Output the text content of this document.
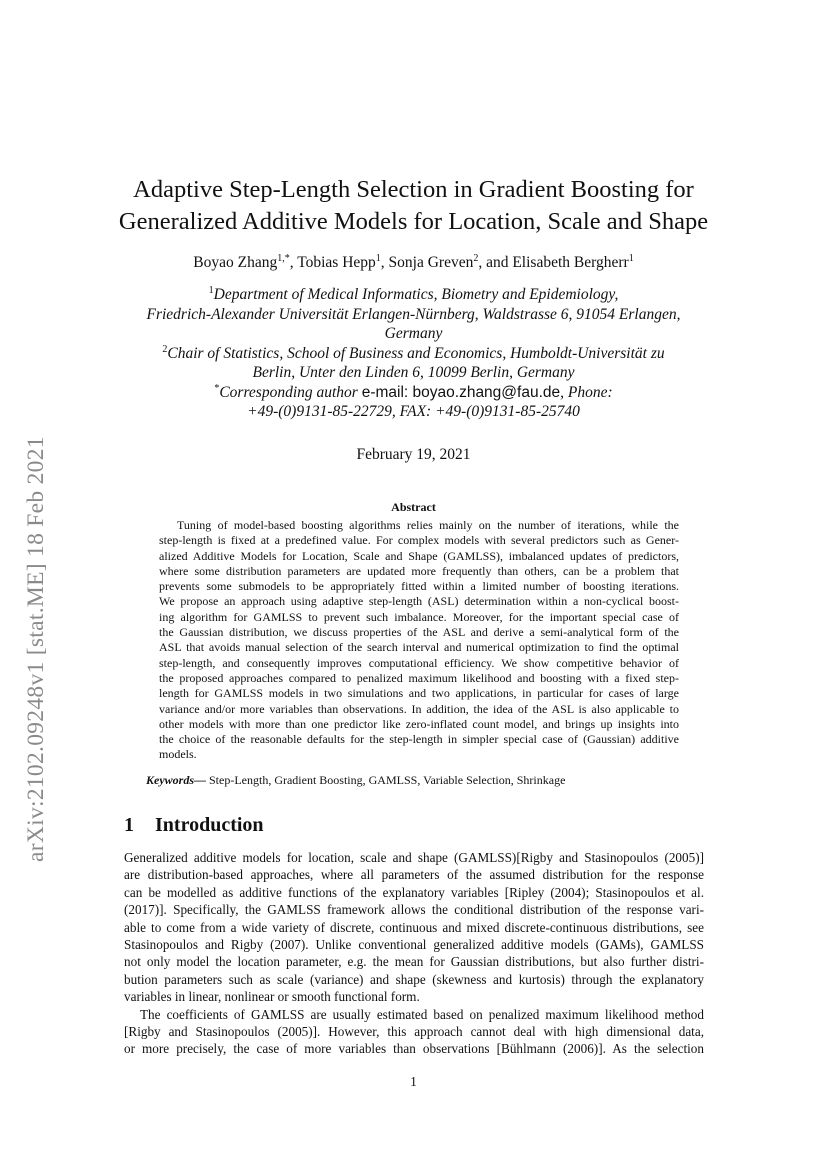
arXiv:2102.09248v1 [stat.ME] 18 Feb 2021
Adaptive Step-Length Selection in Gradient Boosting for
Generalized Additive Models for Location, Scale and Shape
Boyao Zhang$^{1,*}$, Tobias Hepp$^1$, Sonja Greven$^2$, and Elisabeth Bergherr$^1$
$^1$Department of Medical Informatics, Biometry and Epidemiology,
Friedrich-Alexander Universität Erlangen-Nürnberg, Waldstrasse 6, 91054 Erlangen,
Germany
$^2$Chair of Statistics, School of Business and Economics, Humboldt-Universität zu
Berlin, Unter den Linden 6, 10099 Berlin, Germany
*Corresponding author e-mail: boyao.zhang@fau.de, Phone:
+49-(0)9131-85-22729, FAX: +49-(0)9131-85-25740
February 19, 2021
Abstract
Tuning of model-based boosting algorithms relies mainly on the number of iterations, while the
step-length is fixed at a predefined value. For complex models with several predictors such as Gener-
alized Additive Models for Location, Scale and Shape (GAMLSS), imbalanced updates of predictors,
where some distribution parameters are updated more frequently than others, can be a problem that
prevents some submodels to be appropriately fitted within a limited number of boosting iterations.
We propose an approach using adaptive step-length (ASL) determination within a non-cyclical boost-
ing algorithm for GAMLSS to prevent such imbalance. Moreover, for the important special case of
the Gaussian distribution, we discuss properties of the ASL and derive a semi-analytical form of the
ASL that avoids manual selection of the search interval and numerical optimization to find the optimal
step-length, and consequently improves computational efficiency. We show competitive behavior of
the proposed approaches compared to penalized maximum likelihood and boosting with a fixed step-
length for GAMLSS models in two simulations and two applications, in particular for cases of large
variance and/or more variables than observations. In addition, the idea of the ASL is also applicable to
other models with more than one predictor like zero-inflated count model, and brings up insights into
the choice of the reasonable defaults for the step-length in simpler special case of (Gaussian) additive
models.
Keywords— Step-Length, Gradient Boosting, GAMLSS, Variable Selection, Shrinkage
1 Introduction
Generalized additive models for location, scale and shape (GAMLSS)[Rigby and Stasinopoulos (2005)]
are distribution-based approaches, where all parameters of the assumed distribution for the response
can be modelled as additive functions of the explanatory variables [Ripley (2004); Stasinopoulos et al.
(2017)]. Specifically, the GAMLSS framework allows the conditional distribution of the response vari-
able to come from a wide variety of discrete, continuous and mixed discrete-continuous distributions, see
Stasinopoulos and Rigby (2007). Unlike conventional generalized additive models (GAMs), GAMLSS
not only model the location parameter, e.g. the mean for Gaussian distributions, but also further distri-
bution parameters such as scale (variance) and shape (skewness and kurtosis) through the explanatory
variables in linear, nonlinear or smooth functional form.
The coefficients of GAMLSS are usually estimated based on penalized maximum likelihood method
[Rigby and Stasinopoulos (2005)]. However, this approach cannot deal with high dimensional data,
or more precisely, the case of more variables than observations [Bühlmann (2006)]. As the selection
1
